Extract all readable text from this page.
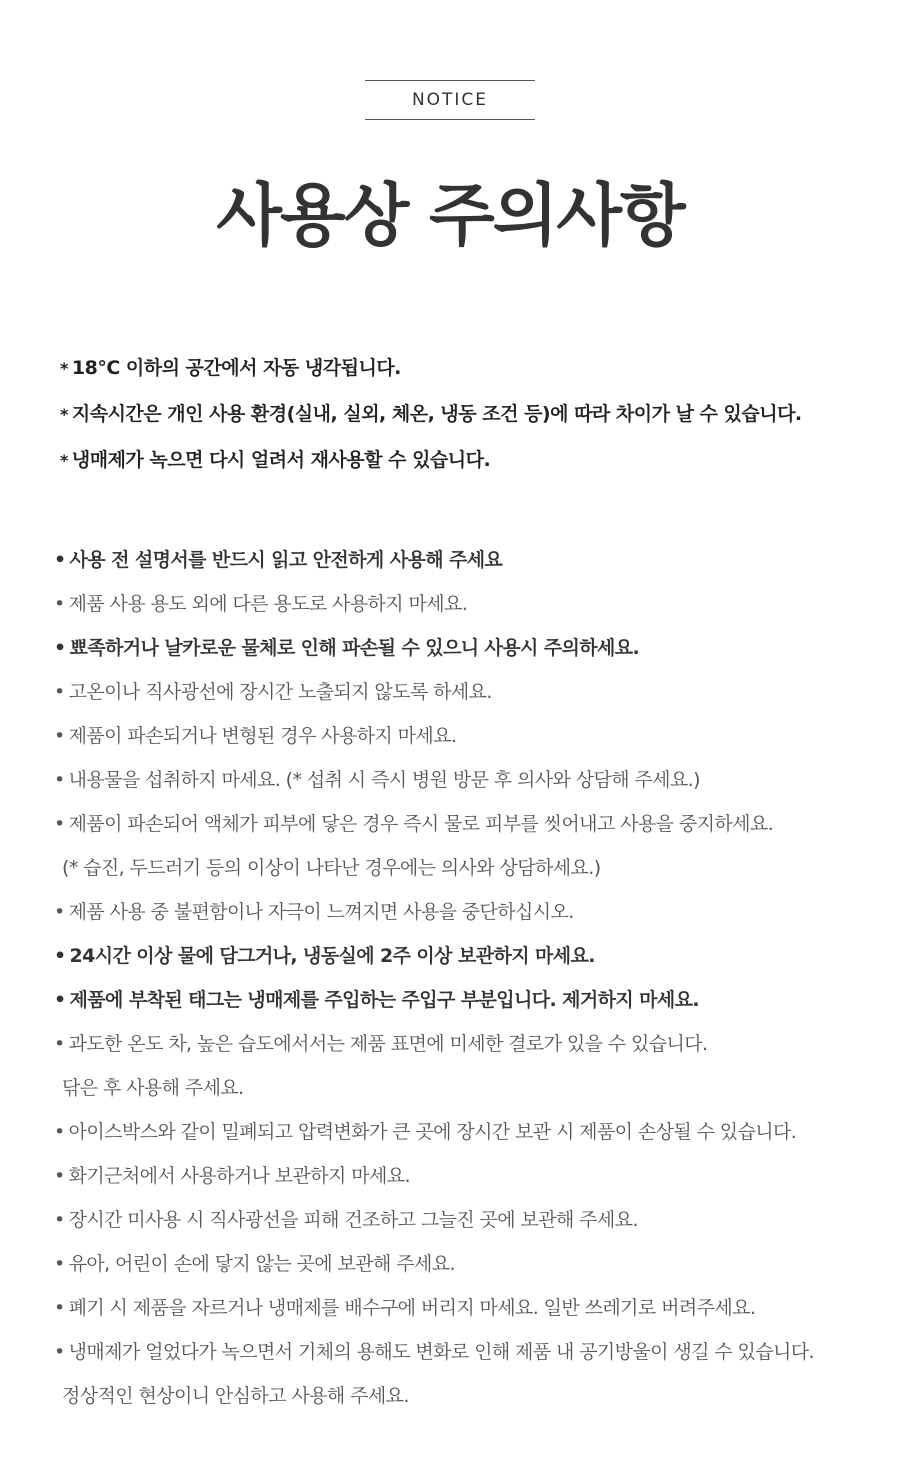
NOTICE
사용상 주의사항
* 18°C 이하의 공간에서 자동 냉각됩니다.
* 지속시간은 개인 사용 환경(실내, 실외, 체온, 냉동 조건 등)에 따라 차이가 날 수 있습니다.
* 냉매제가 녹으면 다시 얼려서 재사용할 수 있습니다.
• 사용 전 설명서를 반드시 읽고 안전하게 사용해 주세요
• 제품 사용 용도 외에 다른 용도로 사용하지 마세요.
• 뾰족하거나 날카로운 물체로 인해 파손될 수 있으니 사용시 주의하세요.
• 고온이나 직사광선에 장시간 노출되지 않도록 하세요.
• 제품이 파손되거나 변형된 경우 사용하지 마세요.
• 내용물을 섭취하지 마세요. (* 섭취 시 즉시 병원 방문 후 의사와 상담해 주세요.)
• 제품이 파손되어 액체가 피부에 닿은 경우 즉시 물로 피부를 씻어내고 사용을 중지하세요.
(* 습진, 두드러기 등의 이상이 나타난 경우에는 의사와 상담하세요.)
• 제품 사용 중 불편함이나 자극이 느껴지면 사용을 중단하십시오.
• 24시간 이상 물에 담그거나, 냉동실에 2주 이상 보관하지 마세요.
• 제품에 부착된 태그는 냉매제를 주입하는 주입구 부분입니다. 제거하지 마세요.
• 과도한 온도 차, 높은 습도에서서는 제품 표면에 미세한 결로가 있을 수 있습니다.
닦은 후 사용해 주세요.
• 아이스박스와 같이 밀폐되고 압력변화가 큰 곳에 장시간 보관 시 제품이 손상될 수 있습니다.
• 화기근처에서 사용하거나 보관하지 마세요.
• 장시간 미사용 시 직사광선을 피해 건조하고 그늘진 곳에 보관해 주세요.
• 유아, 어린이 손에 닿지 않는 곳에 보관해 주세요.
• 폐기 시 제품을 자르거나 냉매제를 배수구에 버리지 마세요. 일반 쓰레기로 버려주세요.
• 냉매제가 얼었다가 녹으면서 기체의 용해도 변화로 인해 제품 내 공기방울이 생길 수 있습니다.
정상적인 현상이니 안심하고 사용해 주세요.
